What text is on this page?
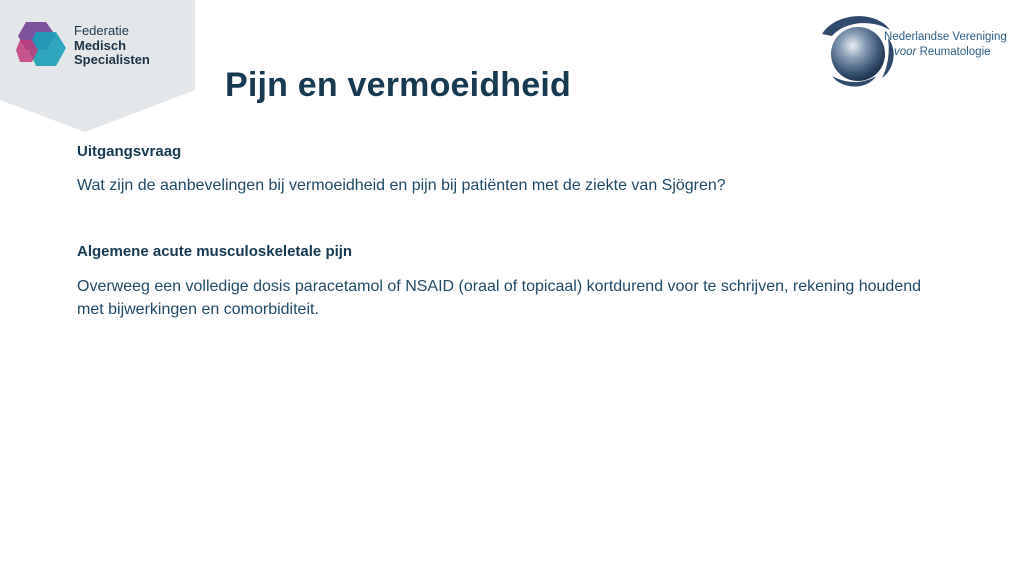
Federatie
Medisch
Specialisten
Nederlandse Vereniging
voor Reumatologie
Pijn en vermoeidheid
Uitgangsvraag

Wat zijn de aanbevelingen bij vermoeidheid en pijn bij patiënten met de ziekte van Sjögren?

Algemene acute musculoskeletale pijn

Overweeg een volledige dosis paracetamol of NSAID (oraal of topicaal) kortdurend voor te schrijven, rekening houdend met bijwerkingen en comorbiditeit.
